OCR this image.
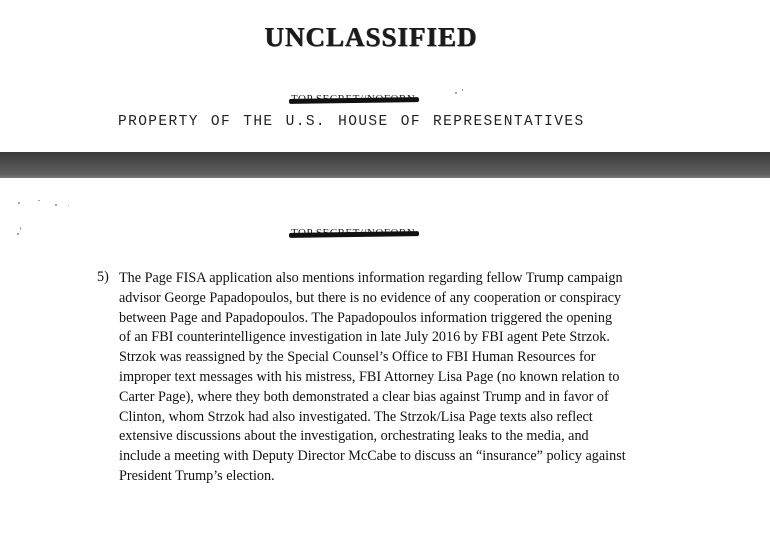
UNCLASSIFIED
PROPERTY OF THE U.S. HOUSE OF REPRESENTATIVES
5) The Page FISA application also mentions information regarding fellow Trump campaign
advisor George Papadopoulos, but there is no evidence of any cooperation or conspiracy
between Page and Papadopoulos. The Papadopoulos information triggered the opening
of an FBI counterintelligence investigation in late July 2016 by FBI agent Pete Strzok.
Strzok was reassigned by the Special Counsel’s Office to FBI Human Resources for
improper text messages with his mistress, FBI Attorney Lisa Page (no known relation to
Carter Page), where they both demonstrated a clear bias against Trump and in favor of
Clinton, whom Strzok had also investigated. The Strzok/Lisa Page texts also reflect
extensive discussions about the investigation, orchestrating leaks to the media, and
include a meeting with Deputy Director McCabe to discuss an “insurance” policy against
President Trump’s election.
